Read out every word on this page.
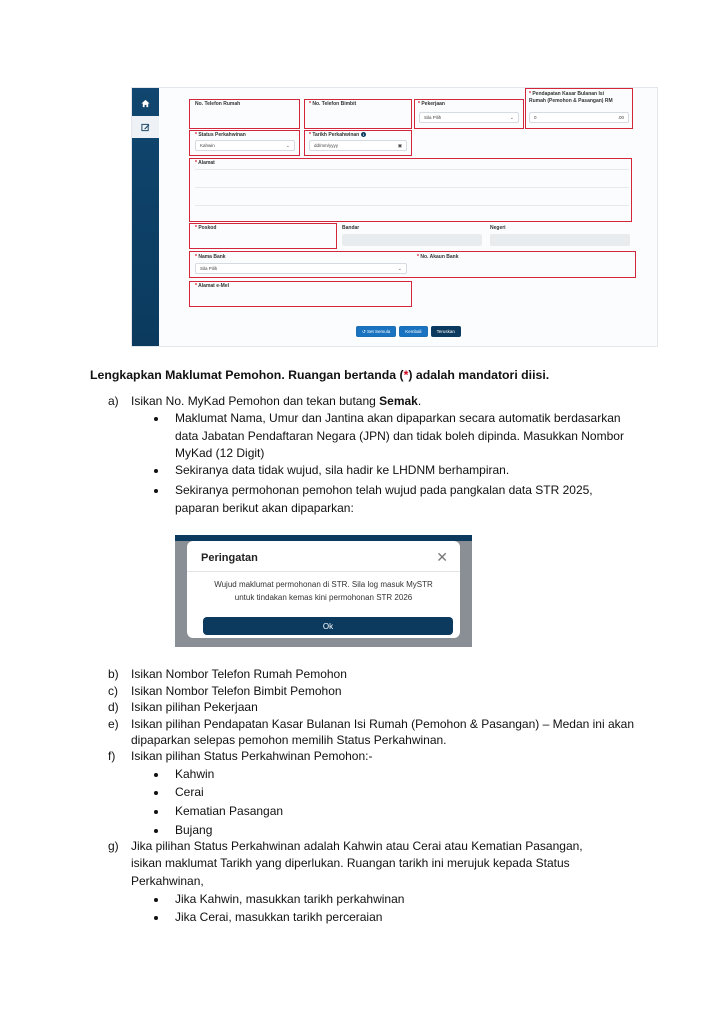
No. Telefon Rumah	* No. Telefon Bimbit	* Pekerjaan
Sila Pilih	⌄
* Pendapatan Kasar Bulanan Isi
Rumah (Pemohon & Pasangan) RM
0	.00
* Status Perkahwinan
Kahwin	⌄
* Tarikh Perkahwinan i
dd/mm/yyyy	▣
* Alamat
* Poskod	Bandar	Negeri
* Nama Bank
Sila Pilih	⌄
* No. Akaun Bank
* Alamat e-Mel
↺ Set Semula	Kembali	Teruskan
Lengkapkan Maklumat Pemohon. Ruangan bertanda (*) adalah mandatori diisi.
a) Isikan No. MyKad Pemohon dan tekan butang Semak.
Maklumat Nama, Umur dan Jantina akan dipaparkan secara automatik berdasarkan
data Jabatan Pendaftaran Negara (JPN) dan tidak boleh dipinda. Masukkan Nombor
MyKad (12 Digit)
Sekiranya data tidak wujud, sila hadir ke LHDNM berhampiran.
Sekiranya permohonan pemohon telah wujud pada pangkalan data STR 2025,
paparan berikut akan dipaparkan:
Peringatan	✕
Wujud maklumat permohonan di STR. Sila log masuk MySTR
untuk tindakan kemas kini permohonan STR 2026
Ok
b) Isikan Nombor Telefon Rumah Pemohon
c) Isikan Nombor Telefon Bimbit Pemohon
d) Isikan pilihan Pekerjaan
e) Isikan pilihan Pendapatan Kasar Bulanan Isi Rumah (Pemohon & Pasangan) – Medan ini akan
dipaparkan selepas pemohon memilih Status Perkahwinan.
f) Isikan pilihan Status Perkahwinan Pemohon:-
Kahwin
Cerai
Kematian Pasangan
Bujang
g) Jika pilihan Status Perkahwinan adalah Kahwin atau Cerai atau Kematian Pasangan,
isikan maklumat Tarikh yang diperlukan. Ruangan tarikh ini merujuk kepada Status
Perkahwinan,
Jika Kahwin, masukkan tarikh perkahwinan
Jika Cerai, masukkan tarikh perceraian
